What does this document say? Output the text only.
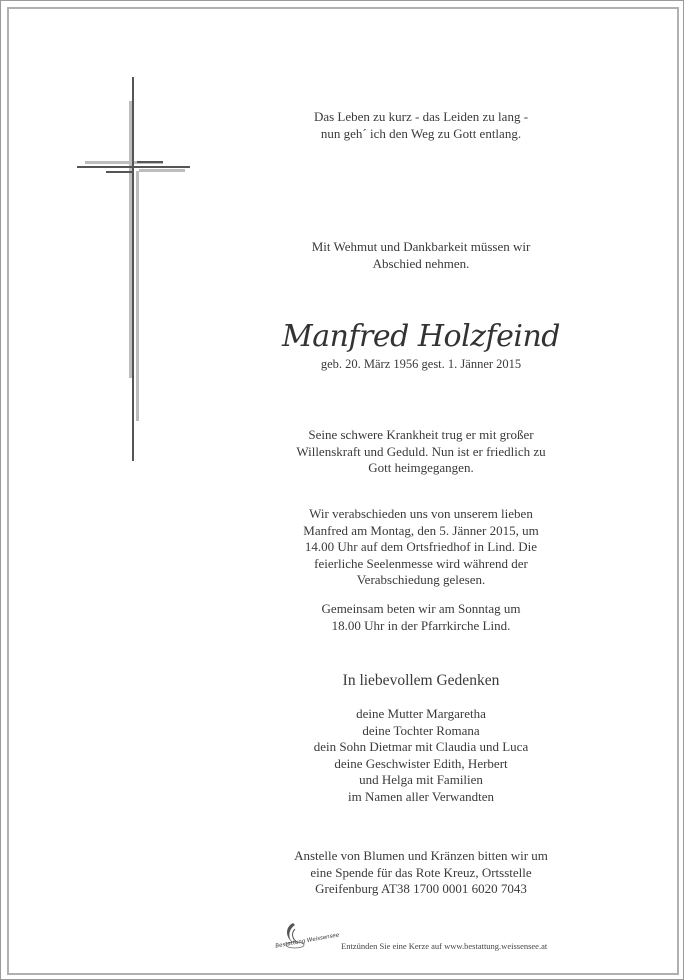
Das Leben zu kurz - das Leiden zu lang -
nun geh´ ich den Weg zu Gott entlang.
Mit Wehmut und Dankbarkeit müssen wir
Abschied nehmen.
Manfred Holzfeind
geb. 20. März 1956 gest. 1. Jänner 2015
Seine schwere Krankheit trug er mit großer
Willenskraft und Geduld. Nun ist er friedlich zu
Gott heimgegangen.
Wir verabschieden uns von unserem lieben
Manfred am Montag, den 5. Jänner 2015, um
14.00 Uhr auf dem Ortsfriedhof in Lind. Die
feierliche Seelenmesse wird während der
Verabschiedung gelesen.
Gemeinsam beten wir am Sonntag um
18.00 Uhr in der Pfarrkirche Lind.
In liebevollem Gedenken
deine Mutter Margaretha
deine Tochter Romana
dein Sohn Dietmar mit Claudia und Luca
deine Geschwister Edith, Herbert
und Helga mit Familien
im Namen aller Verwandten
Anstelle von Blumen und Kränzen bitten wir um
eine Spende für das Rote Kreuz, Ortsstelle
Greifenburg AT38 1700 0001 6020 7043
Bestattung Weissensee Entzünden Sie eine Kerze auf www.bestattung.weissensee.at
